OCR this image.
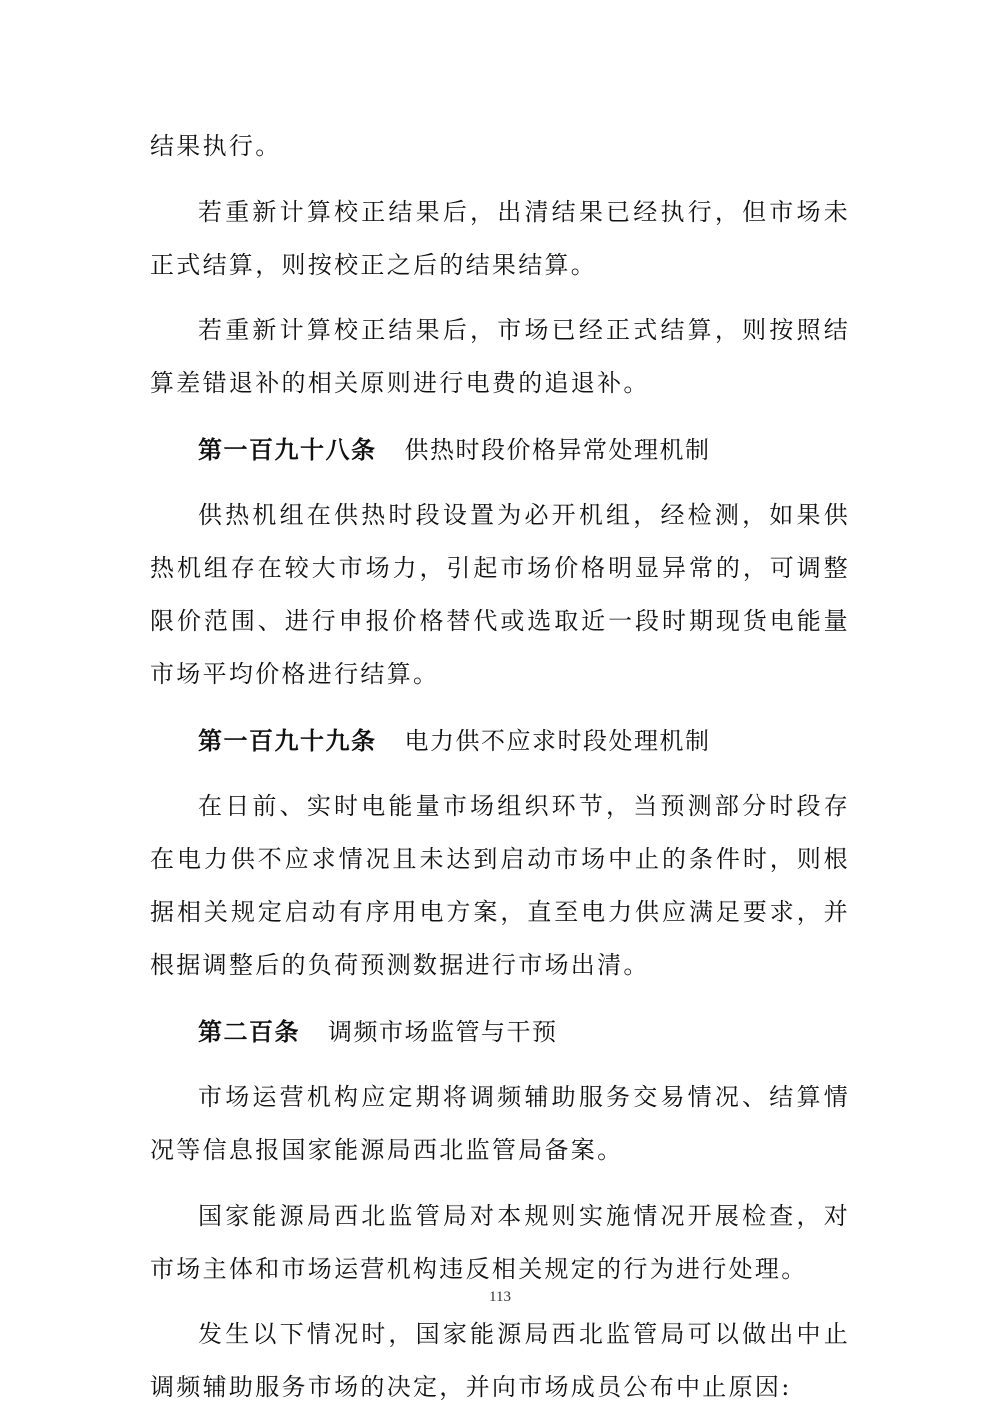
结果执行。

若重新计算校正结果后，出清结果已经执行，但市场未正式结算，则按校正之后的结果结算。

若重新计算校正结果后，市场已经正式结算，则按照结算差错退补的相关原则进行电费的追退补。

第一百九十八条 供热时段价格异常处理机制

供热机组在供热时段设置为必开机组，经检测，如果供热机组存在较大市场力，引起市场价格明显异常的，可调整限价范围、进行申报价格替代或选取近一段时期现货电能量市场平均价格进行结算。

第一百九十九条 电力供不应求时段处理机制

在日前、实时电能量市场组织环节，当预测部分时段存在电力供不应求情况且未达到启动市场中止的条件时，则根据相关规定启动有序用电方案，直至电力供应满足要求，并根据调整后的负荷预测数据进行市场出清。

第二百条 调频市场监管与干预

市场运营机构应定期将调频辅助服务交易情况、结算情况等信息报国家能源局西北监管局备案。

国家能源局西北监管局对本规则实施情况开展检查，对市场主体和市场运营机构违反相关规定的行为进行处理。

发生以下情况时，国家能源局西北监管局可以做出中止调频辅助服务市场的决定，并向市场成员公布中止原因:

113
